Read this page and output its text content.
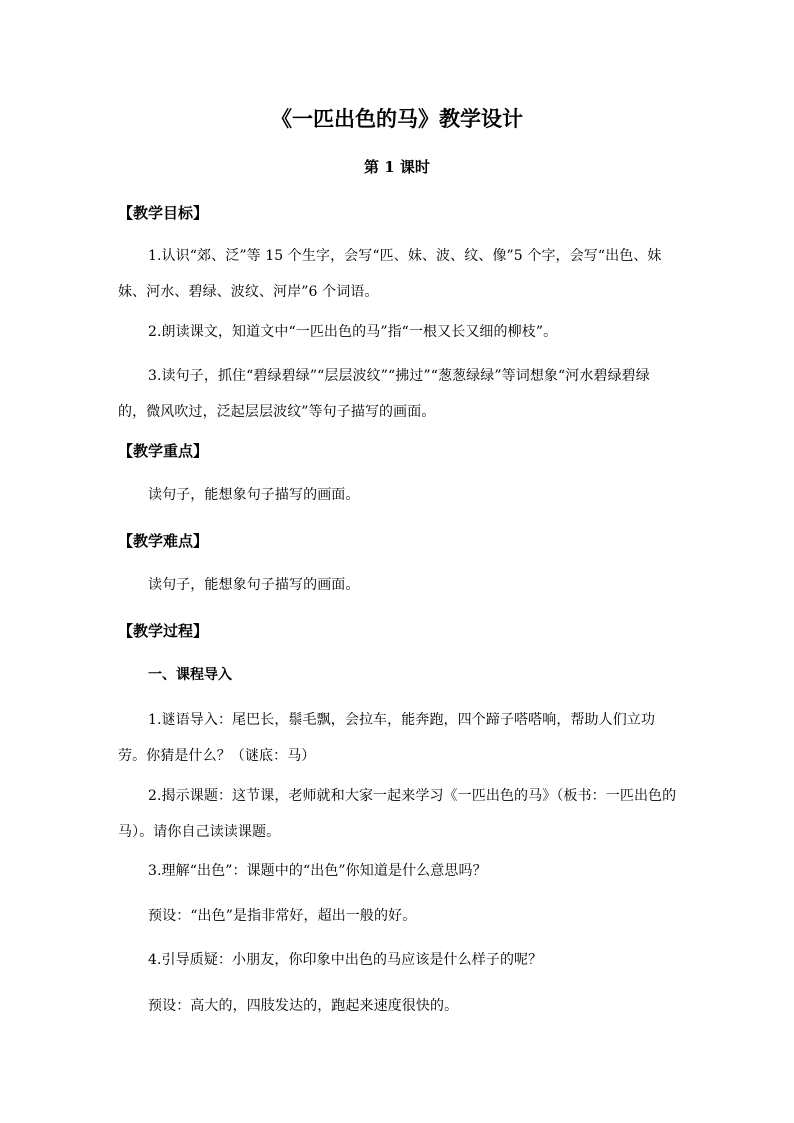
《一匹出色的马》教学设计
第 1 课时
【教学目标】
1.认识“郊、泛”等 15 个生字，会写“匹、妹、波、纹、像”5 个字，会写“出色、妹妹、河水、碧绿、波纹、河岸”6 个词语。
2.朗读课文，知道文中“一匹出色的马”指“一根又长又细的柳枝”。
3.读句子，抓住“碧绿碧绿”“层层波纹”“拂过”“葱葱绿绿”等词想象“河水碧绿碧绿的，微风吹过，泛起层层波纹”等句子描写的画面。
【教学重点】
读句子，能想象句子描写的画面。
【教学难点】
读句子，能想象句子描写的画面。
【教学过程】
一、课程导入
1.谜语导入：尾巴长，鬃毛飘，会拉车，能奔跑，四个蹄子嗒嗒响，帮助人们立功劳。你猜是什么？（谜底：马）
2.揭示课题：这节课，老师就和大家一起来学习《一匹出色的马》（板书：一匹出色的马）。请你自己读读课题。
3.理解“出色”：课题中的“出色”你知道是什么意思吗？
预设：“出色”是指非常好，超出一般的好。
4.引导质疑：小朋友，你印象中出色的马应该是什么样子的呢？
预设：高大的，四肢发达的，跑起来速度很快的。
